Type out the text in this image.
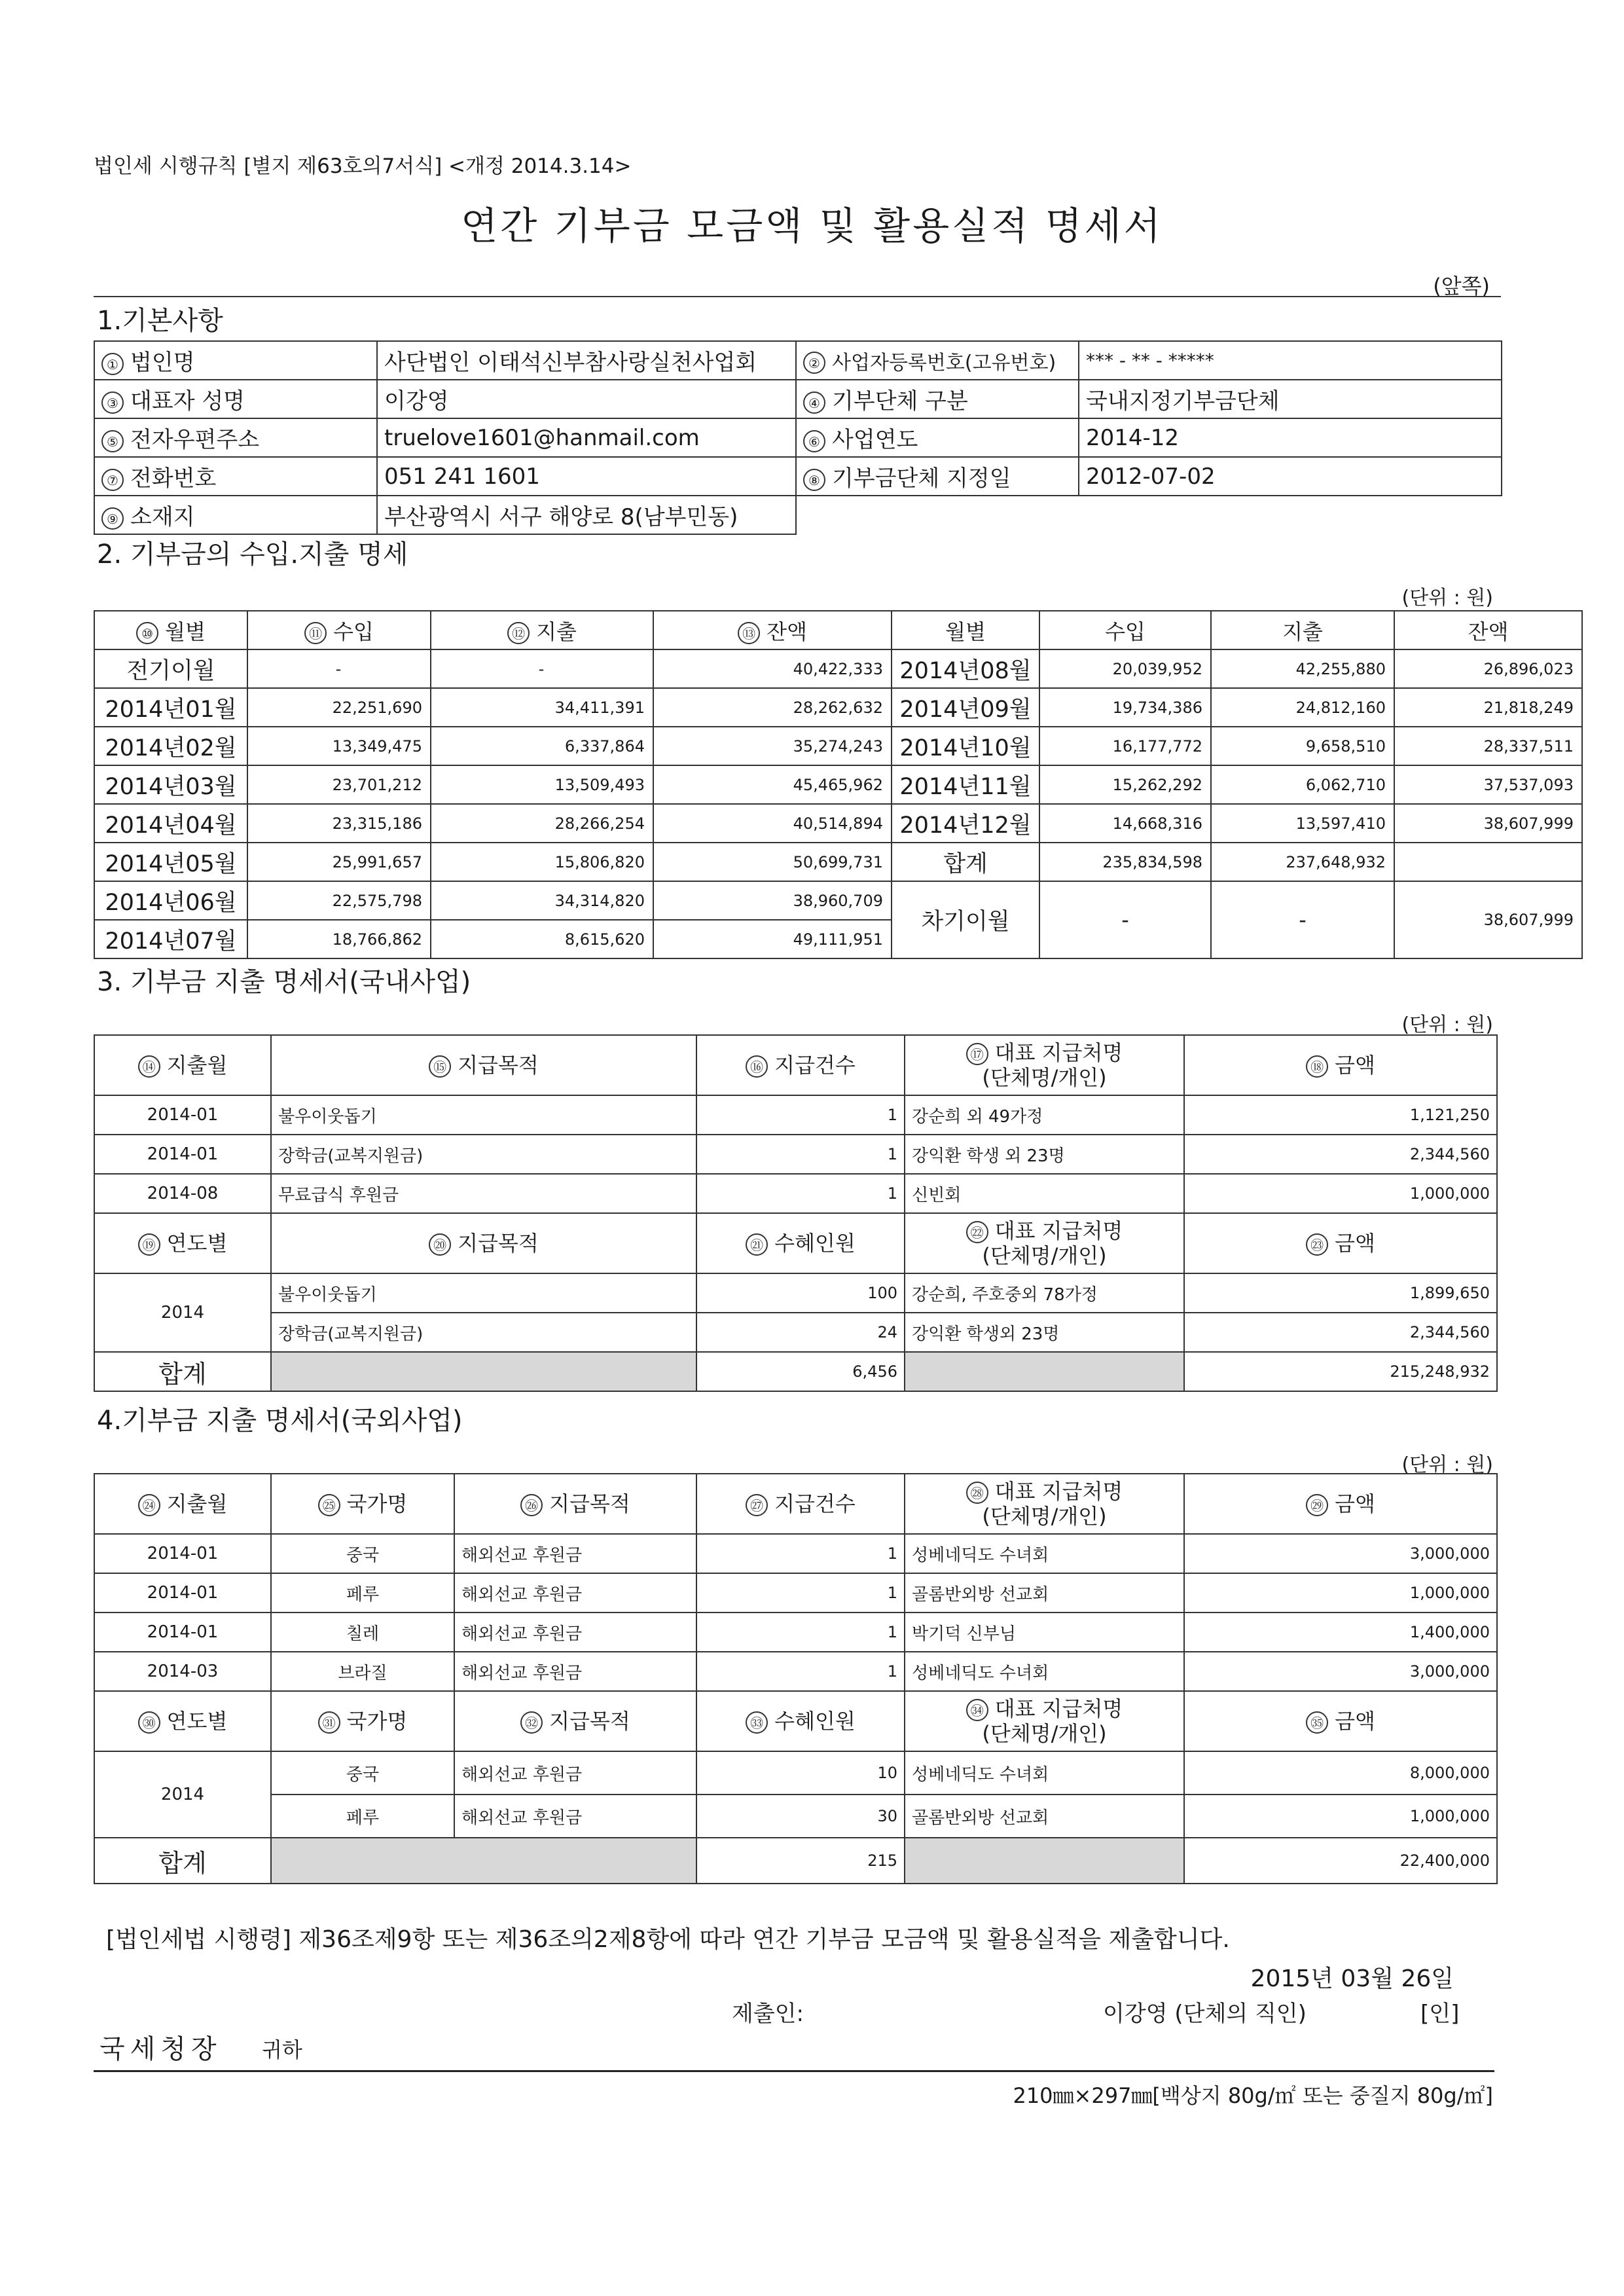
법인세 시행규칙 [별지 제63호의7서식] <개정 2014.3.14>
연간 기부금 모금액 및 활용실적 명세서
(앞쪽)
1.기본사항
① 법인명	사단법인 이태석신부참사랑실천사업회	② 사업자등록번호(고유번호)	*** - ** - *****
③ 대표자 성명	이강영	④ 기부단체 구분	국내지정기부금단체
⑤ 전자우편주소	truelove1601@hanmail.com	⑥ 사업연도	2014-12
⑦ 전화번호	051 241 1601	⑧ 기부금단체 지정일	2012-07-02
⑨ 소재지	부산광역시 서구 해양로 8(남부민동)		
2. 기부금의 수입.지출 명세
(단위 : 원)
⑩ 월별	⑪ 수입	⑫ 지출	⑬ 잔액	월별	수입	지출	잔액
전기이월	-	-	40,422,333	2014년08월	20,039,952	42,255,880	26,896,023
2014년01월	22,251,690	34,411,391	28,262,632	2014년09월	19,734,386	24,812,160	21,818,249
2014년02월	13,349,475	6,337,864	35,274,243	2014년10월	16,177,772	9,658,510	28,337,511
2014년03월	23,701,212	13,509,493	45,465,962	2014년11월	15,262,292	6,062,710	37,537,093
2014년04월	23,315,186	28,266,254	40,514,894	2014년12월	14,668,316	13,597,410	38,607,999
2014년05월	25,991,657	15,806,820	50,699,731	합계	235,834,598	237,648,932	
2014년06월	22,575,798	34,314,820	38,960,709	차기이월	-	-	38,607,999
2014년07월	18,766,862	8,615,620	49,111,951				
3. 기부금 지출 명세서(국내사업)
(단위 : 원)
⑭ 지출월	⑮ 지급목적	⑯ 지급건수	⑰ 대표 지급처명
(단체명/개인)	⑱ 금액
2014-01	불우이웃돕기	1	강순희 외 49가정	1,121,250
2014-01	장학금(교복지원금)	1	강익환 학생 외 23명	2,344,560
2014-08	무료급식 후원금	1	신빈회	1,000,000
⑲ 연도별	⑳ 지급목적	㉑ 수혜인원	㉒ 대표 지급처명
(단체명/개인)	㉓ 금액
2014	불우이웃돕기	100	강순희, 주호중외 78가정	1,899,650
	장학금(교복지원금)	24	강익환 학생외 23명	2,344,560
합계		6,456		215,248,932
4.기부금 지출 명세서(국외사업)
(단위 : 원)
㉔ 지출월	㉕ 국가명	㉖ 지급목적	㉗ 지급건수	㉘ 대표 지급처명
(단체명/개인)	㉙ 금액
2014-01	중국	해외선교 후원금	1	성베네딕도 수녀회	3,000,000
2014-01	페루	해외선교 후원금	1	골롬반외방 선교회	1,000,000
2014-01	칠레	해외선교 후원금	1	박기덕 신부님	1,400,000
2014-03	브라질	해외선교 후원금	1	성베네딕도 수녀회	3,000,000
㉚ 연도별	㉛ 국가명	㉜ 지급목적	㉝ 수혜인원	㉞ 대표 지급처명
(단체명/개인)	㉟ 금액
2014	중국	해외선교 후원금	10	성베네딕도 수녀회	8,000,000
	페루	해외선교 후원금	30	골롬반외방 선교회	1,000,000
합계			215		22,400,000
[법인세법 시행령] 제36조제9항 또는 제36조의2제8항에 따라 연간 기부금 모금액 및 활용실적을 제출합니다.
2015년 03월 26일
제출인:	이강영 (단체의 직인)	[인]
국세청장 귀하
210㎜×297㎜[백상지 80g/㎡ 또는 중질지 80g/㎡]
